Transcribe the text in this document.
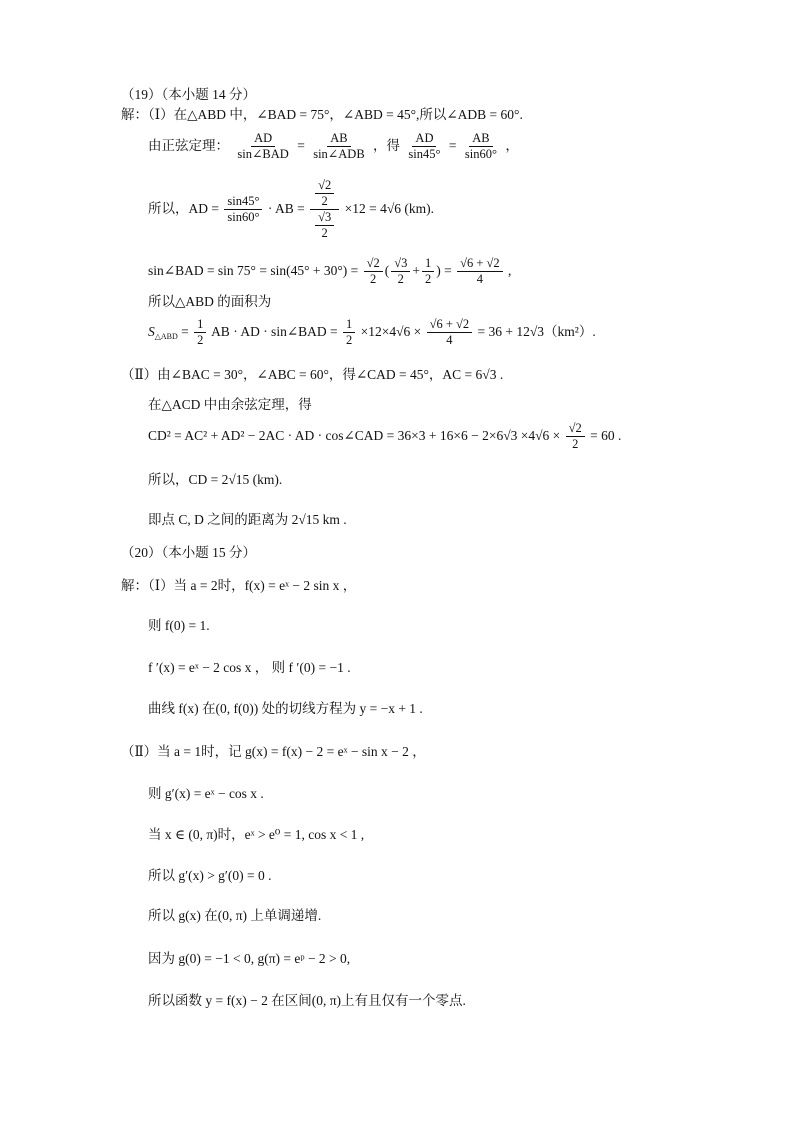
（19）（本小题 14 分）
解：（Ⅰ）在△ABD 中，∠BAD = 75°，∠ABD = 45°,所以∠ADB = 60°.
由正弦定理： $\frac{AD}{\text{sin∠BAD}} = \frac{AB}{\text{sin∠ADB}}$ ，得 $\frac{AD}{\sin 45^\circ} = \frac{AB}{\sin 60^\circ}$ ，
所以，AD = $\frac{\sin 45^\circ}{\sin 60^\circ}$ · AB = $\frac{\frac{√2}{2}}{\frac{√3}{2}} \times 12 = 4√6$ (km).
sin∠BAD = $\sin 75^\circ = \sin(45^\circ + 30^\circ) = \frac{√2}{2}$ ( $\frac{√3}{2} + \frac{1}{2}$ ) = $\frac{√6 + √2}{4}$ ,
所以△ABD 的面积为
$S_{\triangle ABD} = \frac{1}{2}$ AB · AD · sin∠BAD = $\frac{1}{2} \times 12\times 4√6 \times \frac{√6 + √2}{4} = 36 + 12√3(km^2)$.
（Ⅱ）由∠BAC = 30°，∠ABC = 60°，得∠CAD = 45°，AC = 6√3 .
在△ACD 中由余弦定理，得
CD² = AC² + AD² − 2AC · AD · cos∠CAD = $36\times 3 + 16\times 6 - 2\times 6√3 \times 4√6 \times \frac{√2}{2} = 60$ .
所以，CD = 2√15 (km).
即点 C, D 之间的距离为 2√15 km .
（20）（本小题 15 分）
解：（Ⅰ）当 a = 2时，f(x) = eˣ − 2 sin x ，
则 f(0) = 1.
f ′(x) = eˣ − 2 cos x ， 则 f ′(0) = −1 .
曲线 f(x) 在(0, f(0)) 处的切线方程为 y = −x + 1 .
（Ⅱ）当 a = 1时，记 g(x) = f(x) − 2 = eˣ − sin x − 2 ，
则 g′(x) = eˣ − cos x .
当 x ∈ (0, π)时，eˣ > e⁰ = 1, cos x < 1 ,
所以 g′(x) > g′(0) = 0 .
所以 g(x) 在(0, π) 上单调递增.
因为 g(0) = −1 < 0, g(π) = eᵖ − 2 > 0,
所以函数 y = f(x) − 2 在区间(0, π)上有且仅有一个零点.
